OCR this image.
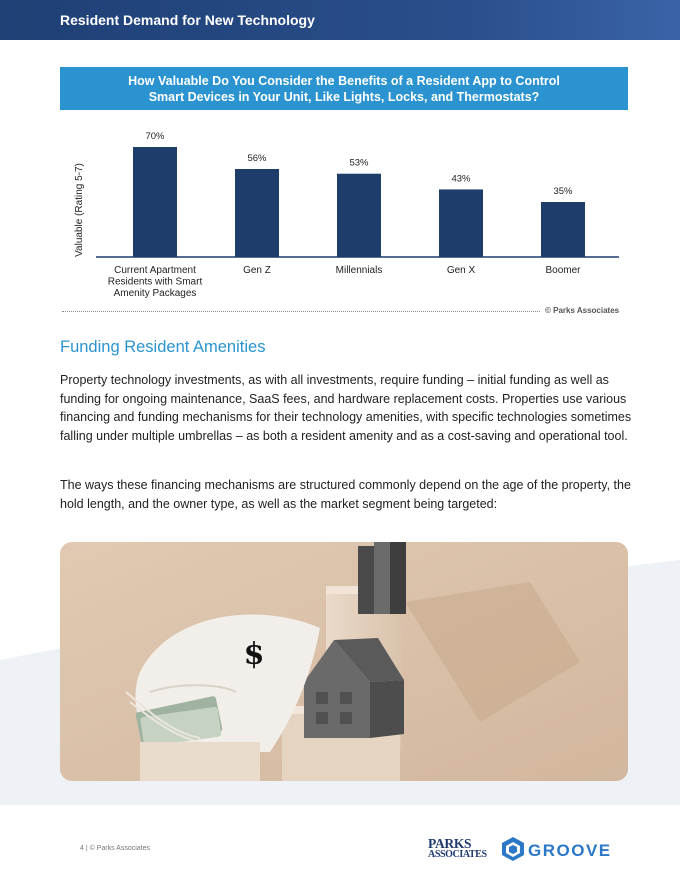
Resident Demand for New Technology
How Valuable Do You Consider the Benefits of a Resident App to Control
Smart Devices in Your Unit, Like Lights, Locks, and Thermostats?
Valuable (Rating 5-7)
70%
Current Apartment
Residents with Smart
Amenity Packages
56%
Gen Z
53%
Millennials
43%
Gen X
35%
Boomer
© Parks Associates
Funding Resident Amenities

Property technology investments, as with all investments, require funding – initial funding as well as funding for ongoing maintenance, SaaS fees, and hardware replacement costs. Properties use various financing and funding mechanisms for their technology amenities, with specific technologies sometimes falling under multiple umbrellas – as both a resident amenity and as a cost-saving and operational tool.

The ways these financing mechanisms are structured commonly depend on the age of the property, the hold length, and the owner type, as well as the market segment being targeted:

$
4 | © Parks Associates	PARKS
ASSOCIATES GROOVE
